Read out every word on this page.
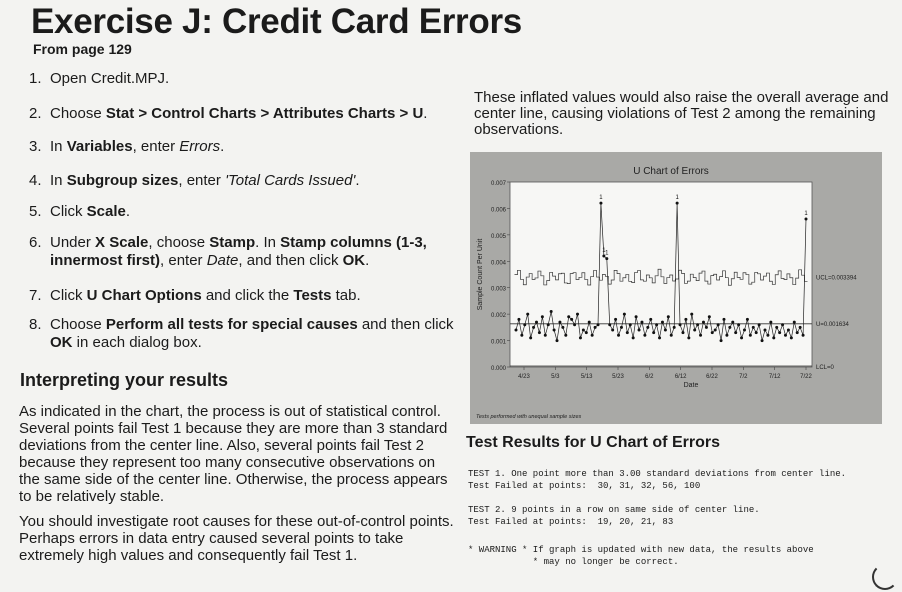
Exercise J: Credit Card Errors
From page 129
1. Open Credit.MPJ.
2. Choose Stat > Control Charts > Attributes Charts > U.
3. In Variables, enter Errors.
4. In Subgroup sizes, enter 'Total Cards Issued'.
5. Click Scale.
6. Under X Scale, choose Stamp. In Stamp columns (1-3, innermost first), enter Date, and then click OK.
7. Click U Chart Options and click the Tests tab.
8. Choose Perform all tests for special causes and then click OK in each dialog box.
Interpreting your results

As indicated in the chart, the process is out of statistical control. Several points fail Test 1 because they are more than 3 standard deviations from the center line. Also, several points fail Test 2 because they represent too many consecutive observations on the same side of the center line. Otherwise, the process appears to be relatively stable.

You should investigate root causes for these out-of-control points. Perhaps errors in data entry caused several points to take extremely high values and consequently fail Test 1.

These inflated values would also raise the overall average and center line, causing violations of Test 2 among the remaining observations.

U Chart of Errors
0.000
0.001
0.002
0.003
0.004
0.005
0.006
0.007
Sample Count Per Unit
4/23	5/3	5/13	5/23	6/2	6/12	6/22	7/2	7/12	7/22
Date
1
1 1
1
1
UCL=0.003394
U=0.001634
LCL=0
Tests performed with unequal sample sizes
Test Results for U Chart of Errors
TEST 1. One point more than 3.00 standard deviations from center line.
Test Failed at points:  30, 31, 32, 56, 100
TEST 2. 9 points in a row on same side of center line.
Test Failed at points:  19, 20, 21, 83
* WARNING * If graph is updated with new data, the results above
* may no longer be correct.
